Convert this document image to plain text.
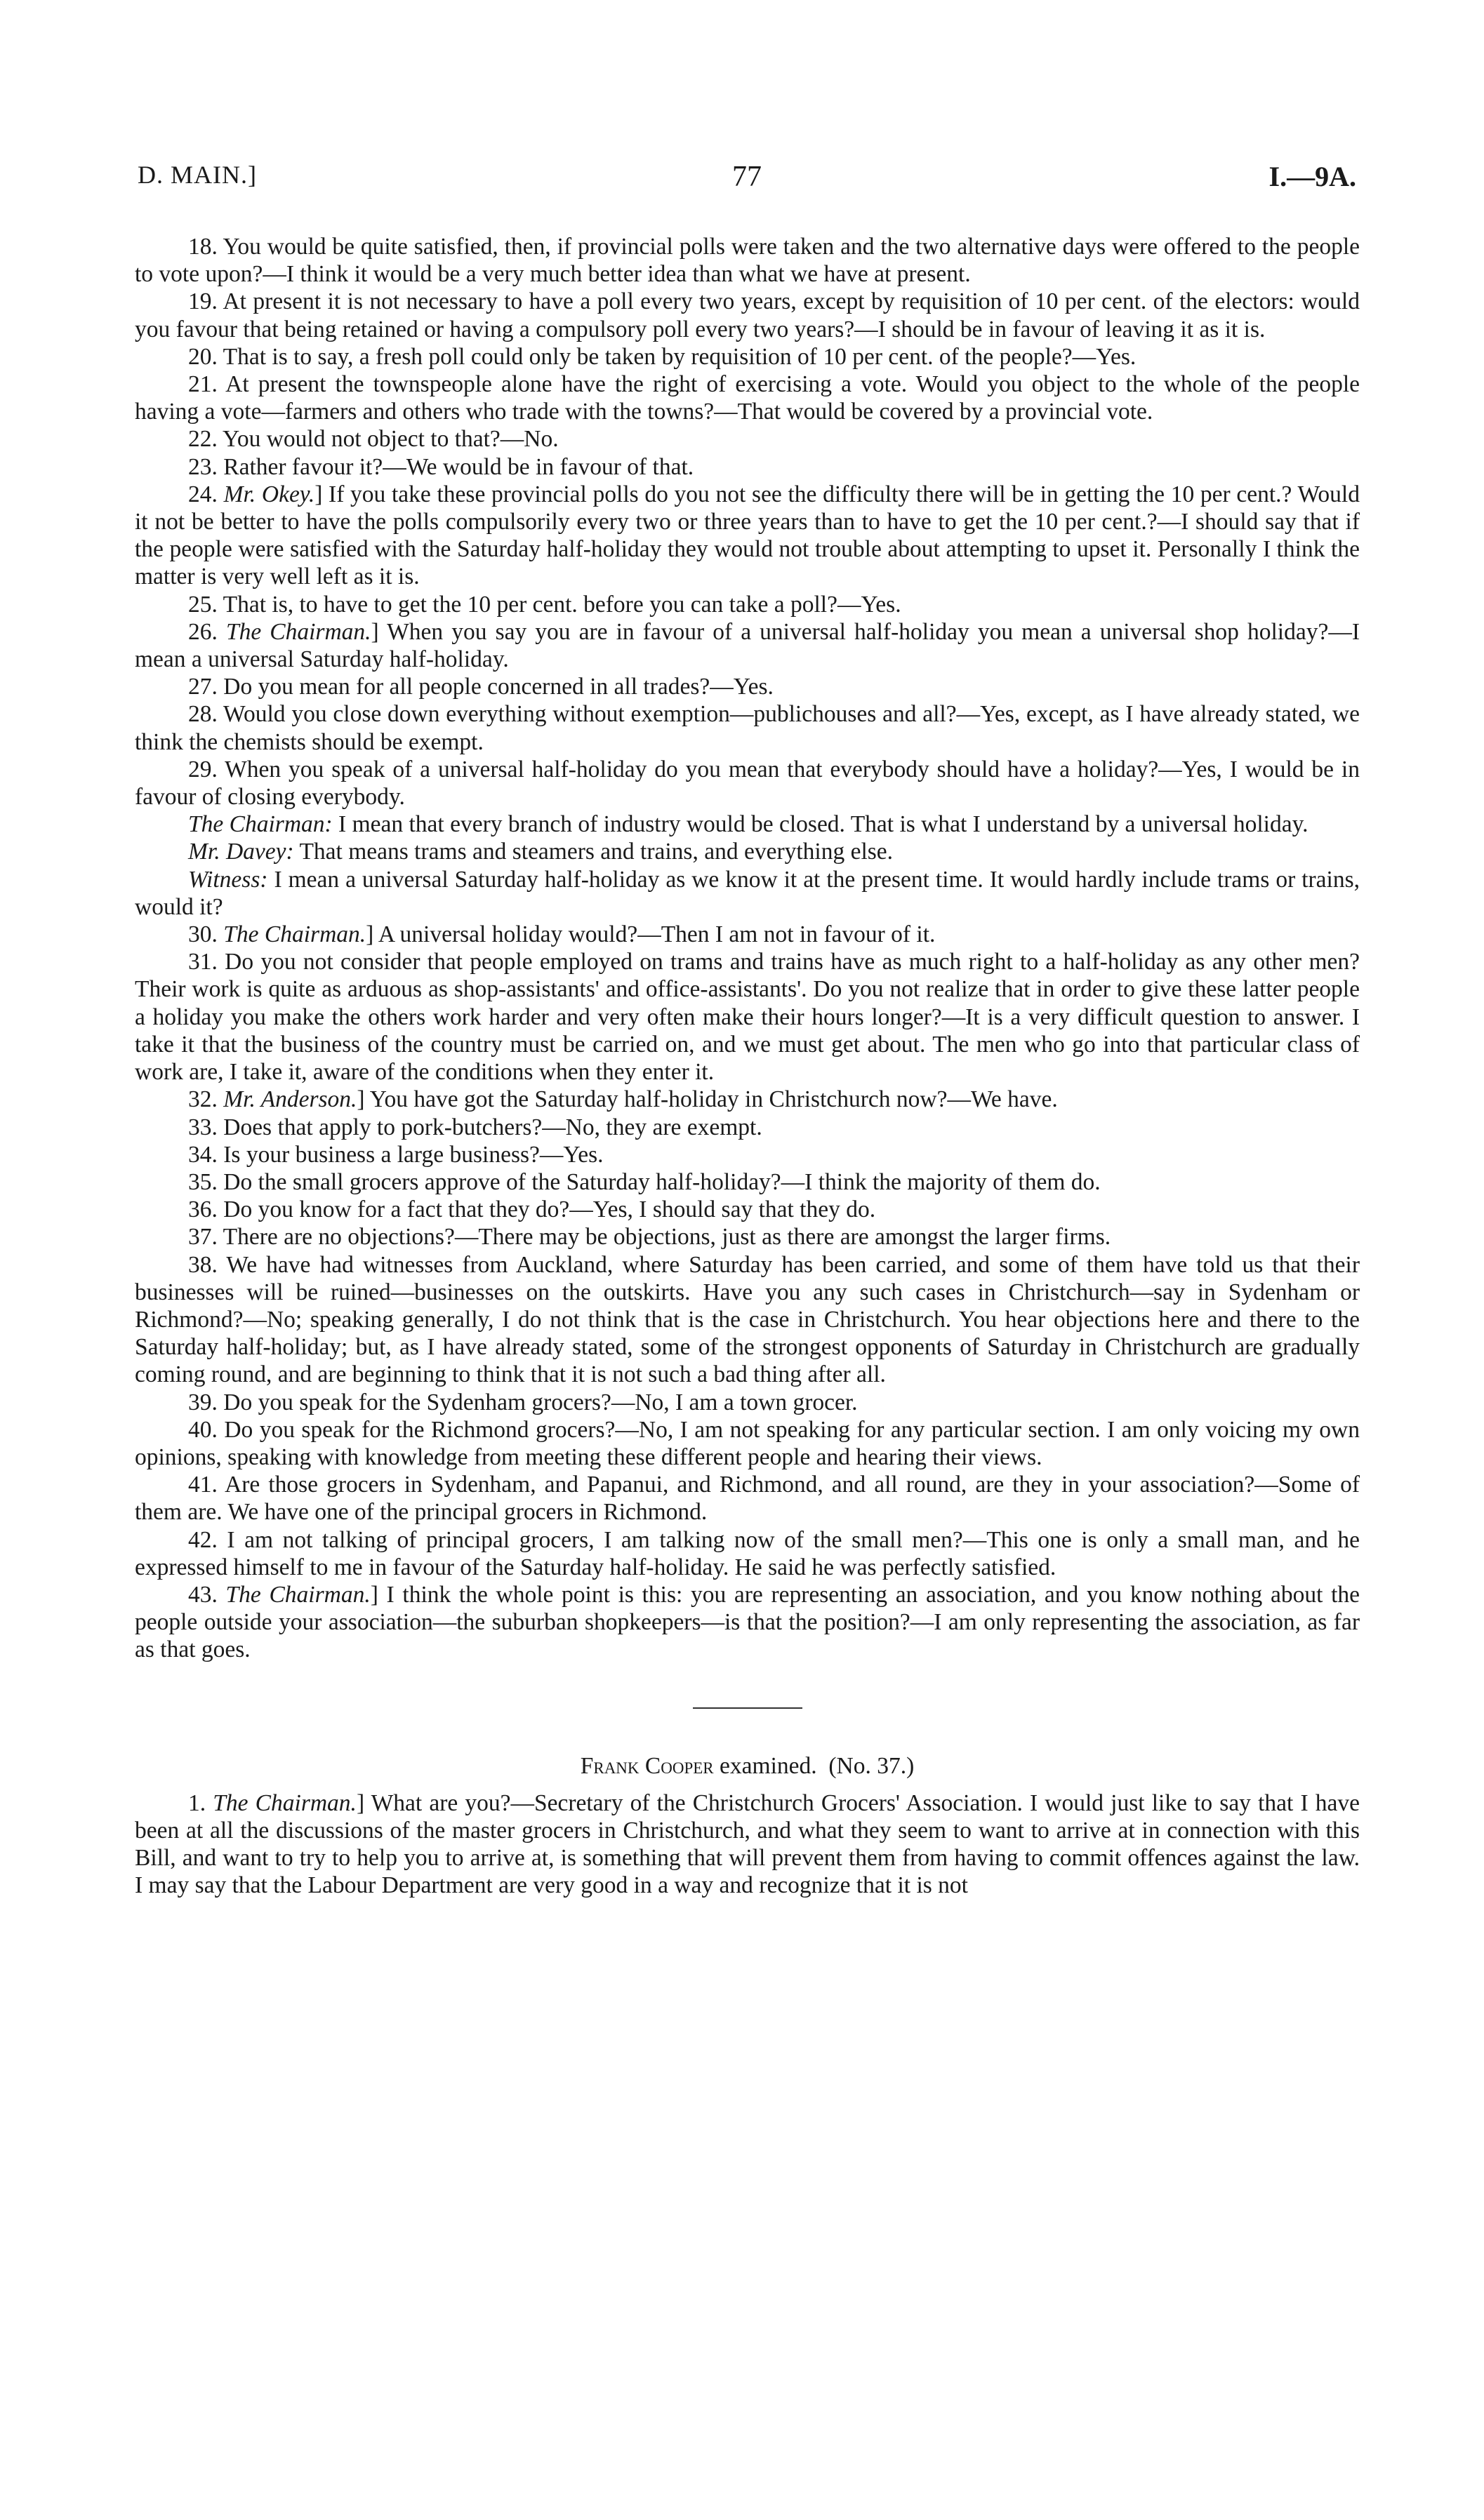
D. MAIN.]	77	I.—9A.

18. You would be quite satisfied, then, if provincial polls were taken and the two alternative days were offered to the people to vote upon?—I think it would be a very much better idea than what we have at present.

19. At present it is not necessary to have a poll every two years, except by requisition of 10 per cent. of the electors: would you favour that being retained or having a compulsory poll every two years?—I should be in favour of leaving it as it is.

20. That is to say, a fresh poll could only be taken by requisition of 10 per cent. of the people?—Yes.

21. At present the townspeople alone have the right of exercising a vote. Would you object to the whole of the people having a vote—farmers and others who trade with the towns?—That would be covered by a provincial vote.

22. You would not object to that?—No.

23. Rather favour it?—We would be in favour of that.

24. Mr. Okey.] If you take these provincial polls do you not see the difficulty there will be in getting the 10 per cent.? Would it not be better to have the polls compulsorily every two or three years than to have to get the 10 per cent.?—I should say that if the people were satisfied with the Saturday half-holiday they would not trouble about attempting to upset it. Personally I think the matter is very well left as it is.

25. That is, to have to get the 10 per cent. before you can take a poll?—Yes.

26. The Chairman.] When you say you are in favour of a universal half-holiday you mean a universal shop holiday?—I mean a universal Saturday half-holiday.

27. Do you mean for all people concerned in all trades?—Yes.

28. Would you close down everything without exemption—publichouses and all?—Yes, except, as I have already stated, we think the chemists should be exempt.

29. When you speak of a universal half-holiday do you mean that everybody should have a holiday?—Yes, I would be in favour of closing everybody.

The Chairman: I mean that every branch of industry would be closed. That is what I understand by a universal holiday.

Mr. Davey: That means trams and steamers and trains, and everything else.

Witness: I mean a universal Saturday half-holiday as we know it at the present time. It would hardly include trams or trains, would it?

30. The Chairman.] A universal holiday would?—Then I am not in favour of it.

31. Do you not consider that people employed on trams and trains have as much right to a half-holiday as any other men? Their work is quite as arduous as shop-assistants' and office-assistants'. Do you not realize that in order to give these latter people a holiday you make the others work harder and very often make their hours longer?—It is a very difficult question to answer. I take it that the business of the country must be carried on, and we must get about. The men who go into that particular class of work are, I take it, aware of the conditions when they enter it.

32. Mr. Anderson.] You have got the Saturday half-holiday in Christchurch now?—We have.

33. Does that apply to pork-butchers?—No, they are exempt.

34. Is your business a large business?—Yes.

35. Do the small grocers approve of the Saturday half-holiday?—I think the majority of them do.

36. Do you know for a fact that they do?—Yes, I should say that they do.

37. There are no objections?—There may be objections, just as there are amongst the larger firms.

38. We have had witnesses from Auckland, where Saturday has been carried, and some of them have told us that their businesses will be ruined—businesses on the outskirts. Have you any such cases in Christchurch—say in Sydenham or Richmond?—No; speaking generally, I do not think that is the case in Christchurch. You hear objections here and there to the Saturday half-holiday; but, as I have already stated, some of the strongest opponents of Saturday in Christchurch are gradually coming round, and are beginning to think that it is not such a bad thing after all.

39. Do you speak for the Sydenham grocers?—No, I am a town grocer.

40. Do you speak for the Richmond grocers?—No, I am not speaking for any particular section. I am only voicing my own opinions, speaking with knowledge from meeting these different people and hearing their views.

41. Are those grocers in Sydenham, and Papanui, and Richmond, and all round, are they in your association?—Some of them are. We have one of the principal grocers in Richmond.

42. I am not talking of principal grocers, I am talking now of the small men?—This one is only a small man, and he expressed himself to me in favour of the Saturday half-holiday. He said he was perfectly satisfied.

43. The Chairman.] I think the whole point is this: you are representing an association, and you know nothing about the people outside your association—the suburban shopkeepers—is that the position?—I am only representing the association, as far as that goes.

Frank Cooper examined. (No. 37.)

1. The Chairman.] What are you?—Secretary of the Christchurch Grocers' Association. I would just like to say that I have been at all the discussions of the master grocers in Christchurch, and what they seem to want to arrive at in connection with this Bill, and want to try to help you to arrive at, is something that will prevent them from having to commit offences against the law. I may say that the Labour Department are very good in a way and recognize that it is not
